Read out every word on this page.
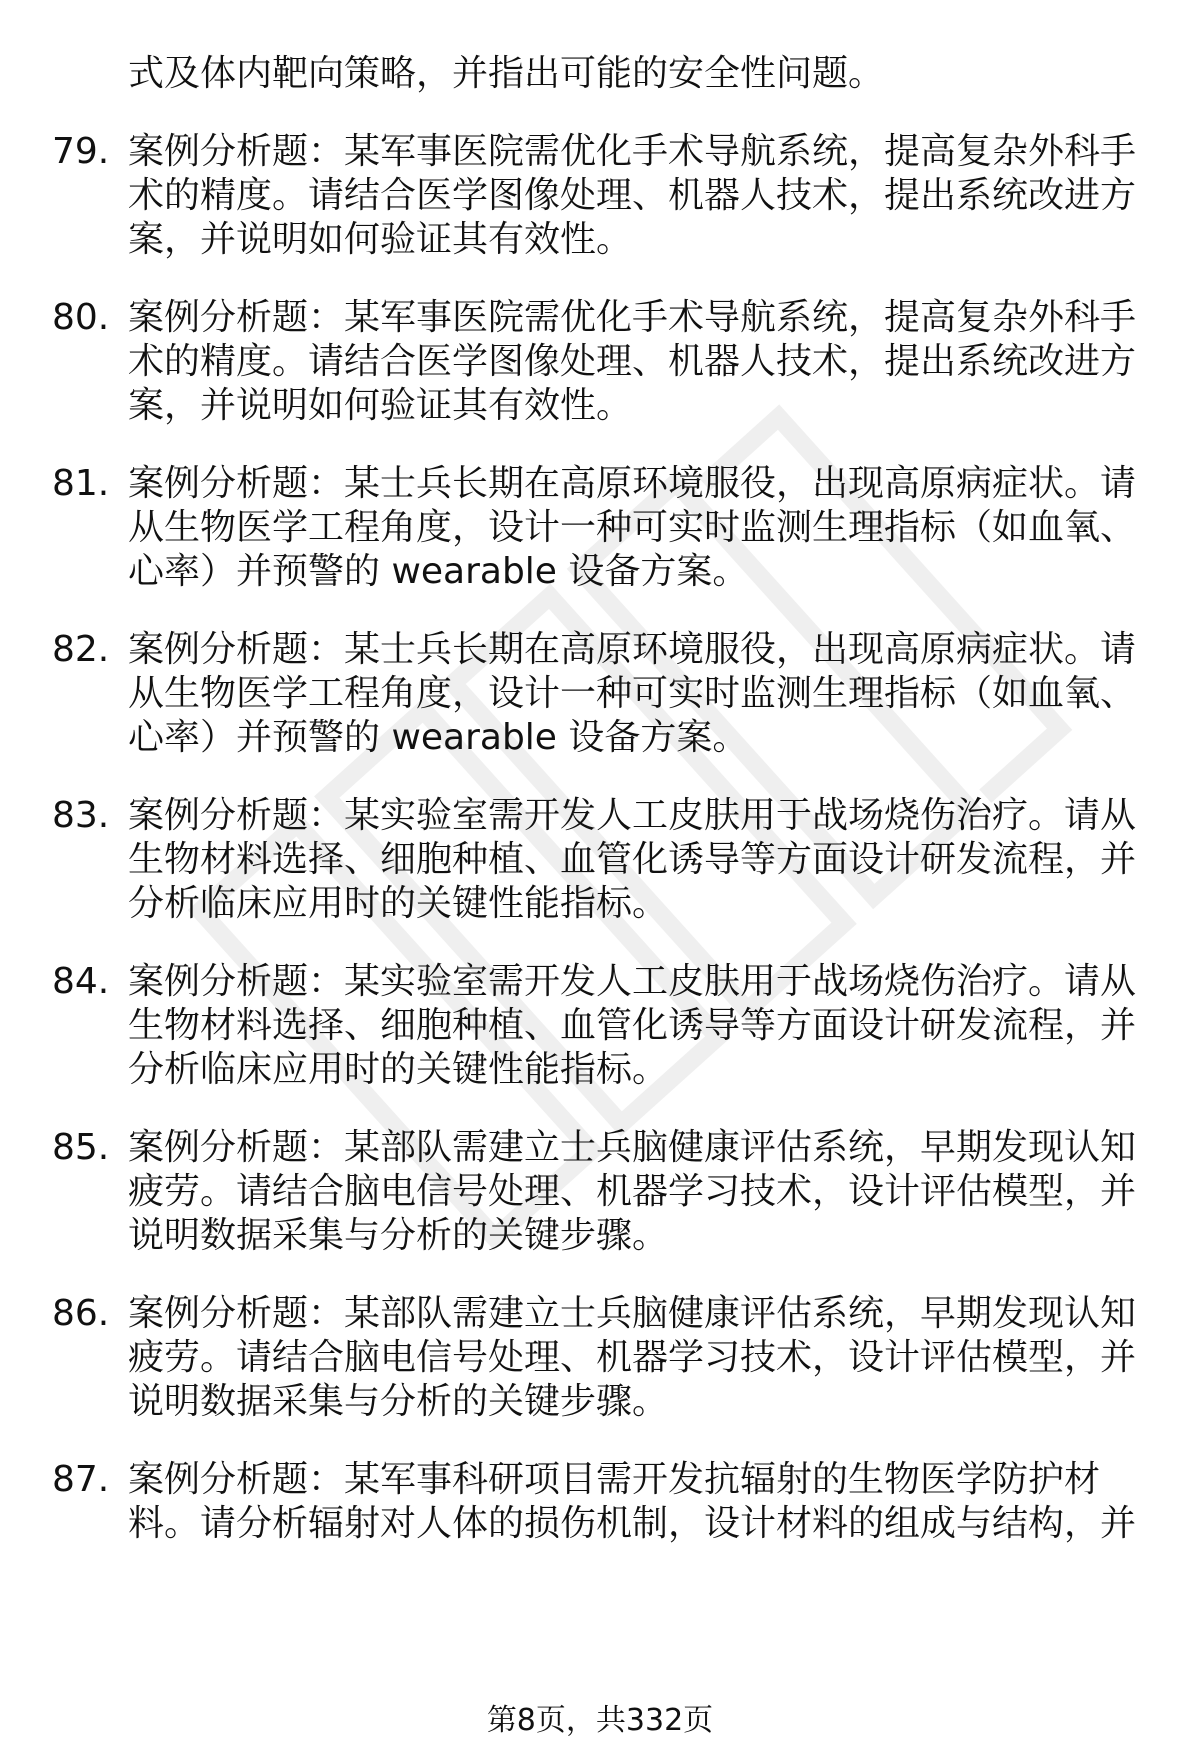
式及体内靶向策略，并指出可能的安全性问题。
79. 案例分析题：某军事医院需优化手术导航系统，提高复杂外科手
术的精度。请结合医学图像处理、机器人技术，提出系统改进方
案，并说明如何验证其有效性。
80. 案例分析题：某军事医院需优化手术导航系统，提高复杂外科手
术的精度。请结合医学图像处理、机器人技术，提出系统改进方
案，并说明如何验证其有效性。
81. 案例分析题：某士兵长期在高原环境服役，出现高原病症状。请
从生物医学工程角度，设计一种可实时监测生理指标（如血氧、
心率）并预警的 wearable 设备方案。
82. 案例分析题：某士兵长期在高原环境服役，出现高原病症状。请
从生物医学工程角度，设计一种可实时监测生理指标（如血氧、
心率）并预警的 wearable 设备方案。
83. 案例分析题：某实验室需开发人工皮肤用于战场烧伤治疗。请从
生物材料选择、细胞种植、血管化诱导等方面设计研发流程，并
分析临床应用时的关键性能指标。
84. 案例分析题：某实验室需开发人工皮肤用于战场烧伤治疗。请从
生物材料选择、细胞种植、血管化诱导等方面设计研发流程，并
分析临床应用时的关键性能指标。
85. 案例分析题：某部队需建立士兵脑健康评估系统，早期发现认知
疲劳。请结合脑电信号处理、机器学习技术，设计评估模型，并
说明数据采集与分析的关键步骤。
86. 案例分析题：某部队需建立士兵脑健康评估系统，早期发现认知
疲劳。请结合脑电信号处理、机器学习技术，设计评估模型，并
说明数据采集与分析的关键步骤。
87. 案例分析题：某军事科研项目需开发抗辐射的生物医学防护材
料。请分析辐射对人体的损伤机制，设计材料的组成与结构，并
第8页，共332页
